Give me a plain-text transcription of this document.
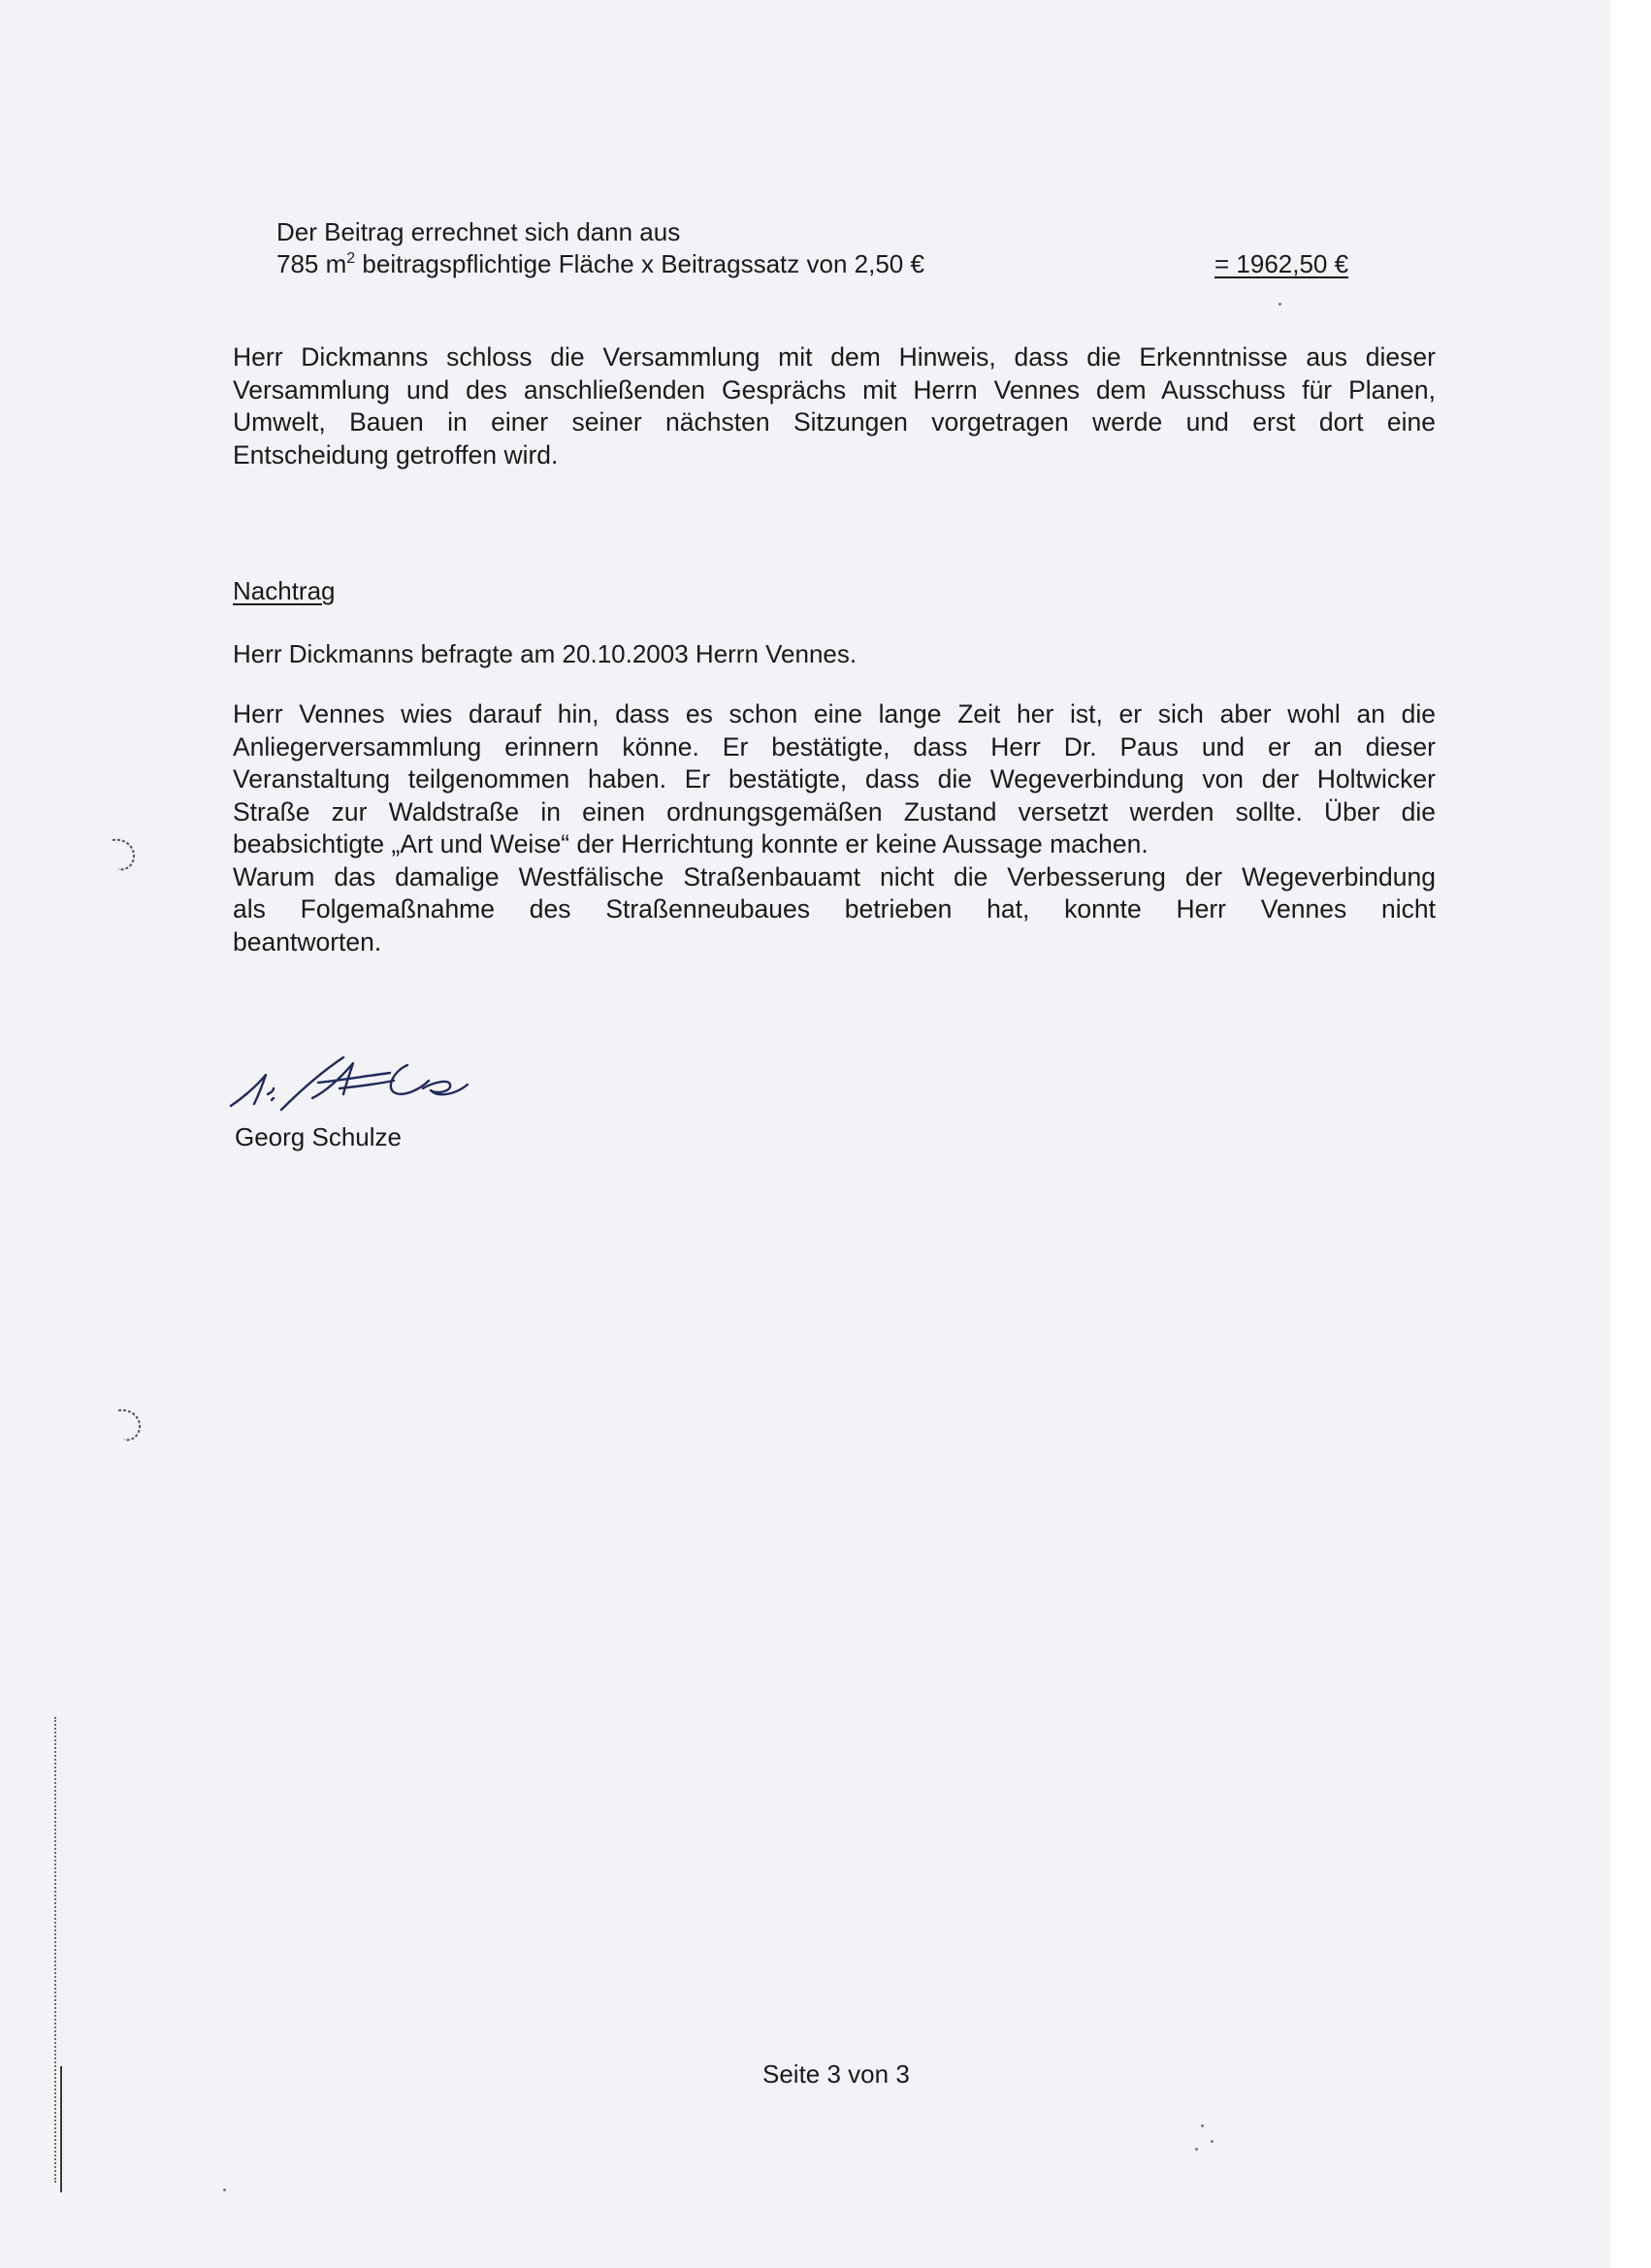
Der Beitrag errechnet sich dann aus
785 $m^2$ beitragspflichtige Fläche x Beitragssatz von 2,50 €	= 1962,50 €
Herr Dickmanns schloss die Versammlung mit dem Hinweis, dass die Erkenntnisse aus dieser
Versammlung und des anschließenden Gesprächs mit Herrn Vennes dem Ausschuss für Planen,
Umwelt, Bauen in einer seiner nächsten Sitzungen vorgetragen werde und erst dort eine
Entscheidung getroffen wird.
Nachtrag
Herr Dickmanns befragte am 20.10.2003 Herrn Vennes.
Herr Vennes wies darauf hin, dass es schon eine lange Zeit her ist, er sich aber wohl an die
Anliegerversammlung erinnern könne. Er bestätigte, dass Herr Dr. Paus und er an dieser
Veranstaltung teilgenommen haben. Er bestätigte, dass die Wegeverbindung von der Holtwicker
Straße zur Waldstraße in einen ordnungsgemäßen Zustand versetzt werden sollte. Über die
beabsichtigte „Art und Weise“ der Herrichtung konnte er keine Aussage machen.
Warum das damalige Westfälische Straßenbauamt nicht die Verbesserung der Wegeverbindung
als Folgemaßnahme des Straßenneubaues betrieben hat, konnte Herr Vennes nicht
beantworten.
Georg Schulze
Seite 3 von 3
